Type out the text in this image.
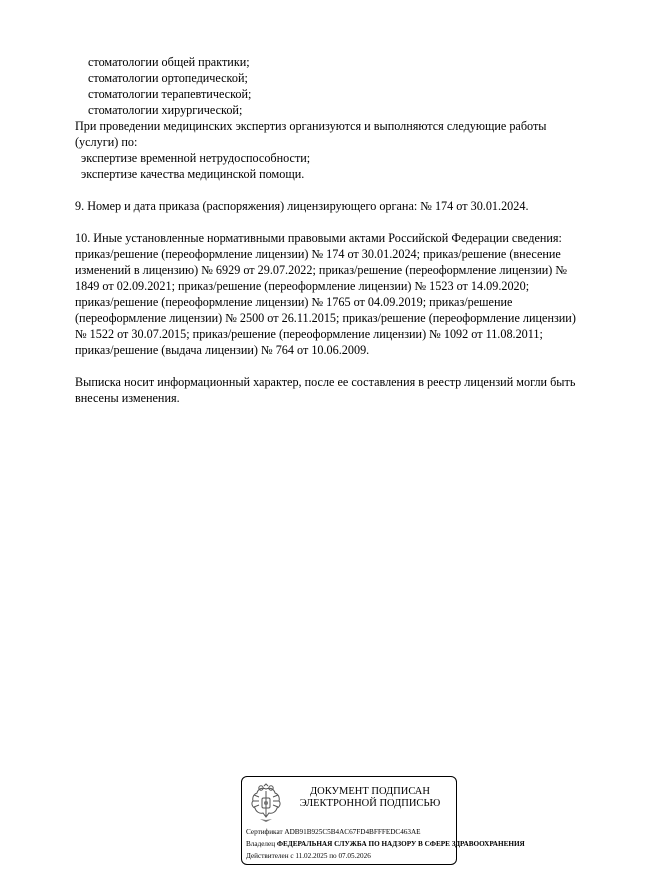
стоматологии общей практики;
стоматологии ортопедической;
стоматологии терапевтической;
стоматологии хирургической;
При проведении медицинских экспертиз организуются и выполняются следующие работы
(услуги) по:
экспертизе временной нетрудоспособности;
экспертизе качества медицинской помощи.
9. Номер и дата приказа (распоряжения) лицензирующего органа: № 174 от 30.01.2024.
10. Иные установленные нормативными правовыми актами Российской Федерации сведения:
приказ/решение (переоформление лицензии) № 174 от 30.01.2024; приказ/решение (внесение
изменений в лицензию) № 6929 от 29.07.2022; приказ/решение (переоформление лицензии) №
1849 от 02.09.2021; приказ/решение (переоформление лицензии) № 1523 от 14.09.2020;
приказ/решение (переоформление лицензии) № 1765 от 04.09.2019; приказ/решение
(переоформление лицензии) № 2500 от 26.11.2015; приказ/решение (переоформление лицензии)
№ 1522 от 30.07.2015; приказ/решение (переоформление лицензии) № 1092 от 11.08.2011;
приказ/решение (выдача лицензии) № 764 от 10.06.2009.
Выписка носит информационный характер, после ее составления в реестр лицензий могли быть
внесены изменения.
ДОКУМЕНТ ПОДПИСАН
ЭЛЕКТРОННОЙ ПОДПИСЬЮ
Сертификат ADB91B925C5B4AC67FD4BFFFEDC463AE
Владелец ФЕДЕРАЛЬНАЯ СЛУЖБА ПО НАДЗОРУ В СФЕРЕ ЗДРАВООХРАНЕНИЯ
Действителен с 11.02.2025 по 07.05.2026
